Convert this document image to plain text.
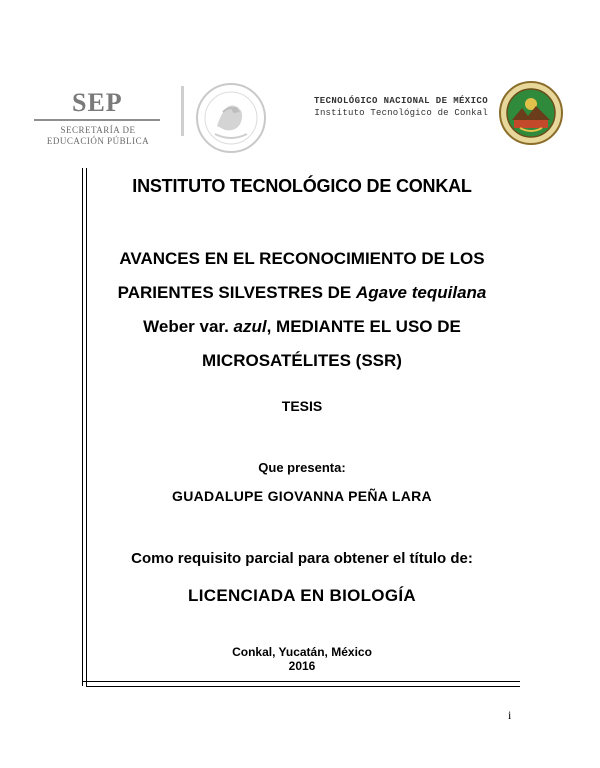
SEP
SECRETARÍA DE
EDUCACIÓN PÚBLICA
TECNOLÓGICO NACIONAL DE MÉXICO
Instituto Tecnológico de Conkal
INSTITUTO TECNOLÓGICO DE CONKAL
AVANCES EN EL RECONOCIMIENTO DE LOS PARIENTES SILVESTRES DE Agave tequilana Weber var. azul, MEDIANTE EL USO DE MICROSATÉLITES (SSR)
TESIS
Que presenta:
GUADALUPE GIOVANNA PEÑA LARA
Como requisito parcial para obtener el título de:
LICENCIADA EN BIOLOGÍA
Conkal, Yucatán, México
2016
i
